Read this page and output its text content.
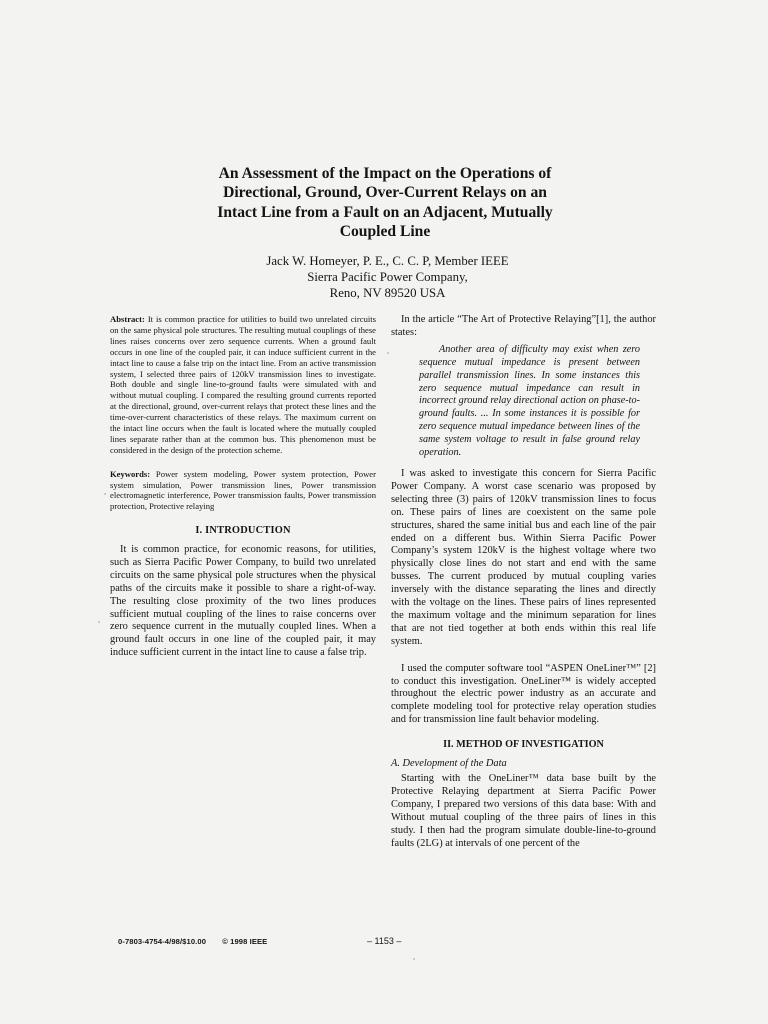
An Assessment of the Impact on the Operations of

Directional, Ground, Over-Current Relays on an

Intact Line from a Fault on an Adjacent, Mutually

Coupled Line

Jack W. Homeyer, P. E., C. C. P, Member IEEE
Sierra Pacific Power Company,
Reno, NV 89520 USA

Abstract: It is common practice for utilities to build two unrelated circuits on the same physical pole structures. The resulting mutual couplings of these lines raises concerns over zero sequence currents. When a ground fault occurs in one line of the coupled pair, it can induce sufficient current in the intact line to cause a false trip on the intact line. From an active transmission system, I selected three pairs of 120kV transmission lines to investigate. Both double and single line-to-ground faults were simulated with and without mutual coupling. I compared the resulting ground currents reported at the directional, ground, over-current relays that protect these lines and the time-over-current characteristics of these relays. The maximum current on the intact line occurs when the fault is located where the mutually coupled lines separate rather than at the common bus. This phenomenon must be considered in the design of the protection scheme.

Keywords: Power system modeling, Power system protection, Power system simulation, Power transmission lines, Power transmission electromagnetic interference, Power transmission faults, Power transmission protection, Protective relaying

I. INTRODUCTION

It is common practice, for economic reasons, for utilities, such as Sierra Pacific Power Company, to build two unrelated circuits on the same physical pole structures when the physical paths of the circuits make it possible to share a right-of-way. The resulting close proximity of the two lines produces sufficient mutual coupling of the lines to raise concerns over zero sequence current in the mutually coupled lines. When a ground fault occurs in one line of the coupled pair, it may induce sufficient current in the intact line to cause a false trip.

In the article “The Art of Protective Relaying”[1], the author states:

Another area of difficulty may exist when zero sequence mutual impedance is present between parallel transmission lines. In some instances this zero sequence mutual impedance can result in incorrect ground relay directional action on phase-to-ground faults. ... In some instances it is possible for zero sequence mutual impedance between lines of the same system voltage to result in false ground relay operation.

I was asked to investigate this concern for Sierra Pacific Power Company. A worst case scenario was proposed by selecting three (3) pairs of 120kV transmission lines to focus on. These pairs of lines are coexistent on the same pole structures, shared the same initial bus and each line of the pair ended on a different bus. Within Sierra Pacific Power Company’s system 120kV is the highest voltage where two physically close lines do not start and end with the same busses. The current produced by mutual coupling varies inversely with the distance separating the lines and directly with the voltage on the lines. These pairs of lines represented the maximum voltage and the minimum separation for lines that are not tied together at both ends within this real life system.

I used the computer software tool “ASPEN OneLiner™” [2] to conduct this investigation. OneLiner™ is widely accepted throughout the electric power industry as an accurate and complete modeling tool for protective relay operation studies and for transmission line fault behavior modeling.

II. METHOD OF INVESTIGATION
A. Development of the Data

Starting with the OneLiner™ data base built by the Protective Relaying department at Sierra Pacific Power Company, I prepared two versions of this data base: With and Without mutual coupling of the three pairs of lines in this study. I then had the program simulate double-line-to-ground faults (2LG) at intervals of one percent of the

0-7803-4754-4/98/$10.00 © 1998 IEEE	– 1153 –
